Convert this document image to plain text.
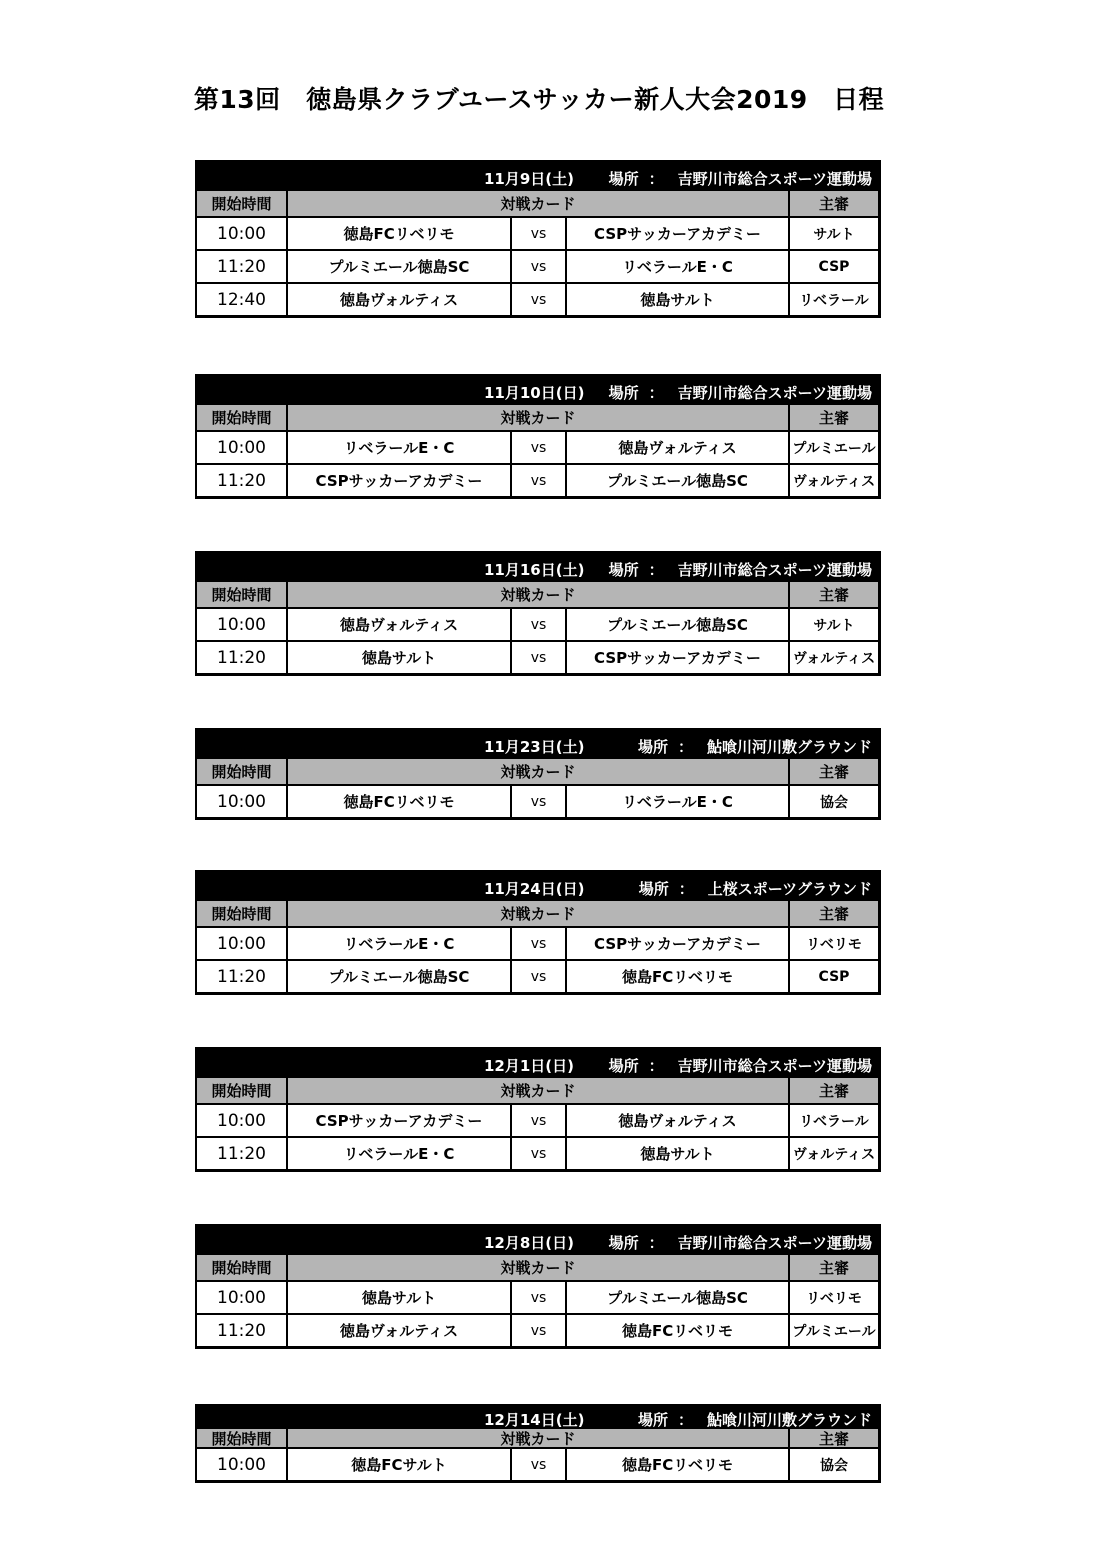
第13回　徳島県クラブユースサッカー新人大会2019　日程
11月9日(土)	場所 ： 吉野川市総合スポーツ運動場
開始時間	対戦カード	主審
10:00	徳島FCリベリモ	vs	CSPサッカーアカデミー	サルト
11:20	プルミエール徳島SC	vs	リベラールE・C	CSP
12:40	徳島ヴォルティス	vs	徳島サルト	リベラール
11月10日(日)	場所 ： 吉野川市総合スポーツ運動場
開始時間	対戦カード	主審
10:00	リベラールE・C	vs	徳島ヴォルティス	プルミエール
11:20	CSPサッカーアカデミー	vs	プルミエール徳島SC	ヴォルティス
11月16日(土)	場所 ： 吉野川市総合スポーツ運動場
開始時間	対戦カード	主審
10:00	徳島ヴォルティス	vs	プルミエール徳島SC	サルト
11:20	徳島サルト	vs	CSPサッカーアカデミー	ヴォルティス
11月23日(土)	場所 ： 鮎喰川河川敷グラウンド
開始時間	対戦カード	主審
10:00	徳島FCリベリモ	vs	リベラールE・C	協会
11月24日(日)	場所 ： 上桜スポーツグラウンド
開始時間	対戦カード	主審
10:00	リベラールE・C	vs	CSPサッカーアカデミー	リベリモ
11:20	プルミエール徳島SC	vs	徳島FCリベリモ	CSP
12月1日(日)	場所 ： 吉野川市総合スポーツ運動場
開始時間	対戦カード	主審
10:00	CSPサッカーアカデミー	vs	徳島ヴォルティス	リベラール
11:20	リベラールE・C	vs	徳島サルト	ヴォルティス
12月8日(日)	場所 ： 吉野川市総合スポーツ運動場
開始時間	対戦カード	主審
10:00	徳島サルト	vs	プルミエール徳島SC	リベリモ
11:20	徳島ヴォルティス	vs	徳島FCリベリモ	プルミエール
12月14日(土)	場所 ： 鮎喰川河川敷グラウンド
開始時間	対戦カード	主審
10:00	徳島FCサルト	vs	徳島FCリベリモ	協会
